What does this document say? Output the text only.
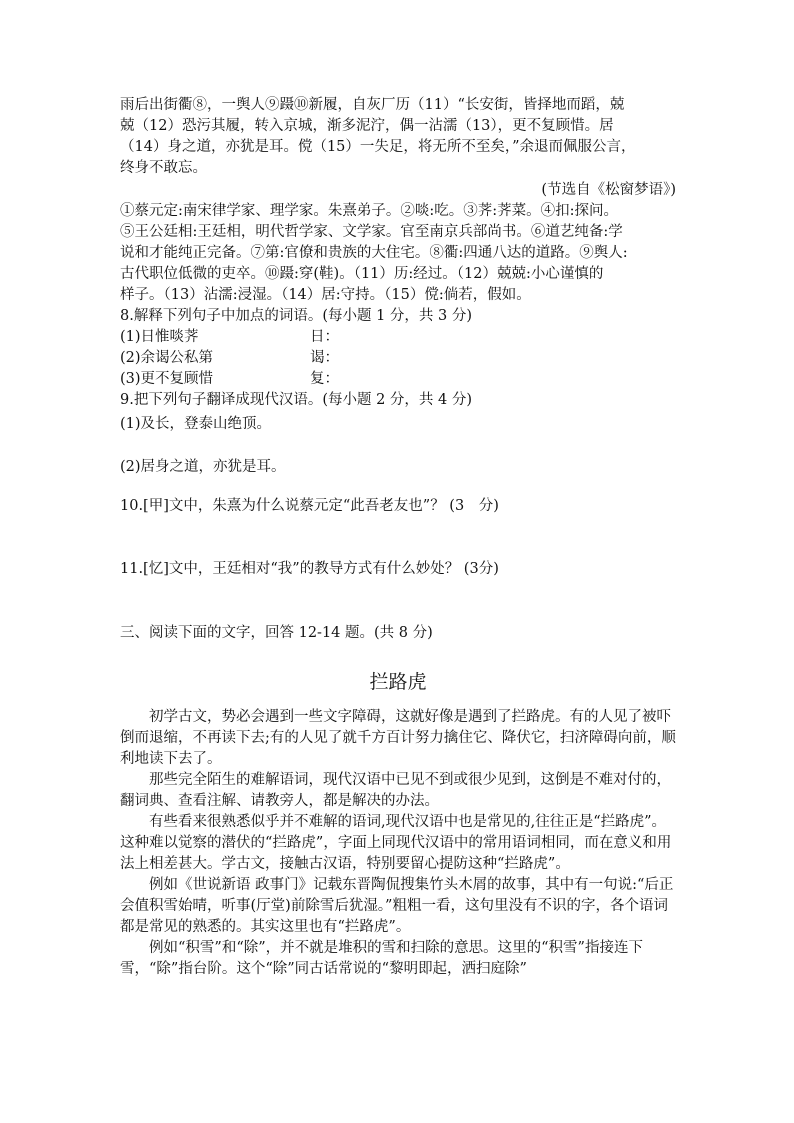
雨后出街衢⑧，一舆人⑨蹑⑩新履，自灰厂历（11）“长安街，皆择地而蹈，兢
兢（12）恐污其履，转入京城，渐多泥泞，偶一沾濡（13），更不复顾惜。居
（14）身之道，亦犹是耳。傥（15）一失足，将无所不至矣，”余退而佩服公言，
终身不敢忘。
(节选自《松窗梦语》)
①蔡元定:南宋律学家、理学家。朱熹弟子。②啖:吃。③荠:荠菜。④扣:探问。
⑤王公廷相:王廷相，明代哲学家、文学家。官至南京兵部尚书。⑥道艺纯备:学
说和才能纯正完备。⑦第:官僚和贵族的大住宅。⑧衢:四通八达的道路。⑨舆人:
古代职位低微的吏卒。⑩蹑:穿(鞋)。（11）历:经过。（12）兢兢:小心谨慎的
样子。（13）沾濡:浸湿。（14）居:守持。（15）傥:倘若，假如。
8.解释下列句子中加点的词语。(每小题 1 分，共 3 分)
(1)日惟啖荠	日：
(2)余谒公私第	谒：
(3)更不复顾惜	复：
9.把下列句子翻译成现代汉语。(每小题 2 分，共 4 分)
(1)及长，登泰山绝顶。
(2)居身之道，亦犹是耳。
10.[甲]文中，朱熹为什么说蔡元定“此吾老友也”？ (3　分)
11.[忆]文中，王廷相对“我”的教导方式有什么妙处？ (3分)
三、阅读下面的文字，回答 12-14 题。(共 8 分)
拦路虎
初学古文，势必会遇到一些文字障碍，这就好像是遇到了拦路虎。有的人见了被吓倒而退缩，不再读下去;有的人见了就千方百计努力擒住它、降伏它，扫济障碍向前，顺利地读下去了。
那些完全陌生的难解语词，现代汉语中已见不到或很少见到，这倒是不难对付的，翻词典、查看注解、请教旁人，都是解决的办法。
有些看来很熟悉似乎并不难解的语词,现代汉语中也是常见的,往往正是“拦路虎”。这种难以觉察的潜伏的“拦路虎”，字面上同现代汉语中的常用语词相同，而在意义和用法上相差甚大。学古文，接触古汉语，特别要留心提防这种“拦路虎”。
例如《世说新语 政事门》记载东晋陶侃搜集竹头木屑的故事，其中有一句说:“后正会值积雪始晴，听事(厅堂)前除雪后犹湿。”粗粗一看，这句里没有不识的字，各个语词都是常见的熟悉的。其实这里也有“拦路虎”。
例如“积雪”和“除”，并不就是堆积的雪和扫除的意思。这里的“积雪”指接连下雪，“除”指台阶。这个“除”同古话常说的“黎明即起，洒扫庭除”
